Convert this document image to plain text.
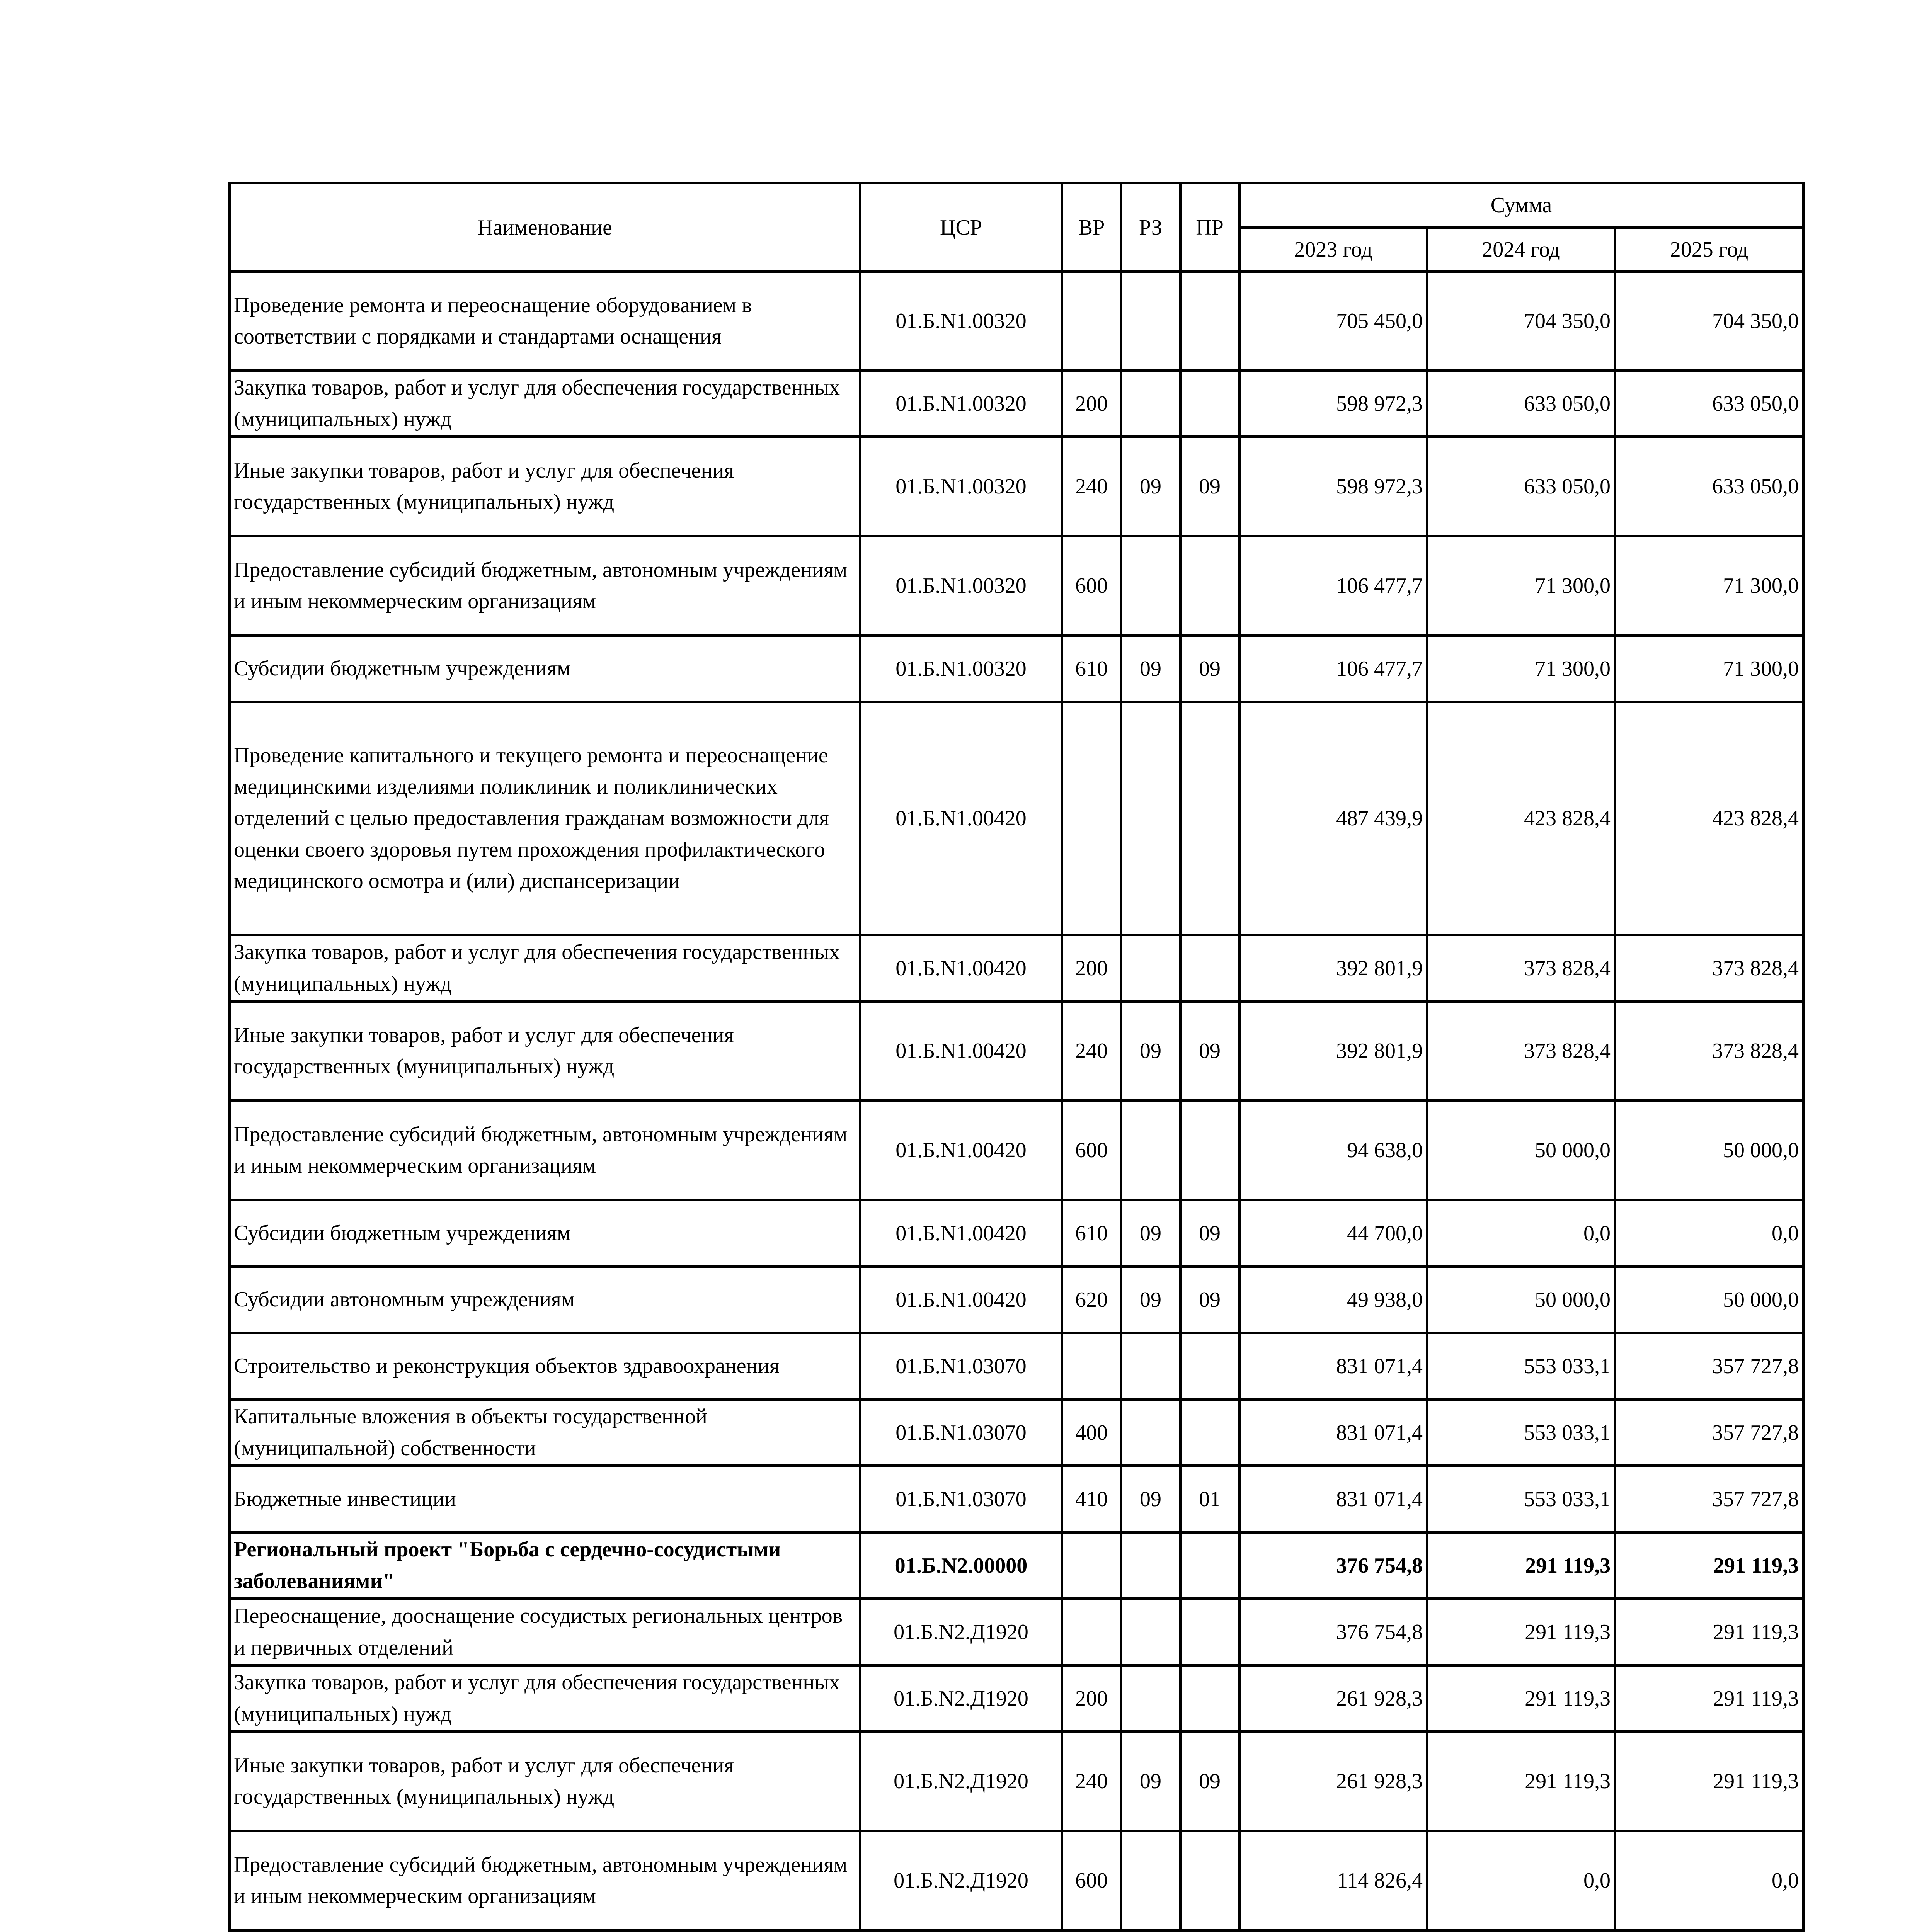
Наименование	ЦСР	ВР	РЗ	ПР	Сумма		
					2023 год	2024 год	2025 год
Проведение ремонта и переоснащение оборудованием в соответствии с порядками и стандартами оснащения	01.Б.N1.00320				705 450,0	704 350,0	704 350,0
Закупка товаров, работ и услуг для обеспечения государственных (муниципальных) нужд	01.Б.N1.00320	200			598 972,3	633 050,0	633 050,0
Иные закупки товаров, работ и услуг для обеспечения государственных (муниципальных) нужд	01.Б.N1.00320	240	09	09	598 972,3	633 050,0	633 050,0
Предоставление субсидий бюджетным, автономным учреждениям и иным некоммерческим организациям	01.Б.N1.00320	600			106 477,7	71 300,0	71 300,0
Субсидии бюджетным учреждениям	01.Б.N1.00320	610	09	09	106 477,7	71 300,0	71 300,0
Проведение капитального и текущего ремонта и переоснащение медицинскими изделиями поликлиник и поликлинических отделений с целью предоставления гражданам возможности для оценки своего здоровья путем прохождения профилактического медицинского осмотра и (или) диспансеризации	01.Б.N1.00420				487 439,9	423 828,4	423 828,4
Закупка товаров, работ и услуг для обеспечения государственных (муниципальных) нужд	01.Б.N1.00420	200			392 801,9	373 828,4	373 828,4
Иные закупки товаров, работ и услуг для обеспечения государственных (муниципальных) нужд	01.Б.N1.00420	240	09	09	392 801,9	373 828,4	373 828,4
Предоставление субсидий бюджетным, автономным учреждениям и иным некоммерческим организациям	01.Б.N1.00420	600			94 638,0	50 000,0	50 000,0
Субсидии бюджетным учреждениям	01.Б.N1.00420	610	09	09	44 700,0	0,0	0,0
Субсидии автономным учреждениям	01.Б.N1.00420	620	09	09	49 938,0	50 000,0	50 000,0
Строительство и реконструкция объектов здравоохранения	01.Б.N1.03070				831 071,4	553 033,1	357 727,8
Капитальные вложения в объекты государственной (муниципальной) собственности	01.Б.N1.03070	400			831 071,4	553 033,1	357 727,8
Бюджетные инвестиции	01.Б.N1.03070	410	09	01	831 071,4	553 033,1	357 727,8
Региональный проект "Борьба с сердечно-сосудистыми заболеваниями"	01.Б.N2.00000				376 754,8	291 119,3	291 119,3
Переоснащение, дооснащение сосудистых региональных центров и первичных отделений	01.Б.N2.Д1920				376 754,8	291 119,3	291 119,3
Закупка товаров, работ и услуг для обеспечения государственных (муниципальных) нужд	01.Б.N2.Д1920	200			261 928,3	291 119,3	291 119,3
Иные закупки товаров, работ и услуг для обеспечения государственных (муниципальных) нужд	01.Б.N2.Д1920	240	09	09	261 928,3	291 119,3	291 119,3
Предоставление субсидий бюджетным, автономным учреждениям и иным некоммерческим организациям	01.Б.N2.Д1920	600			114 826,4	0,0	0,0
